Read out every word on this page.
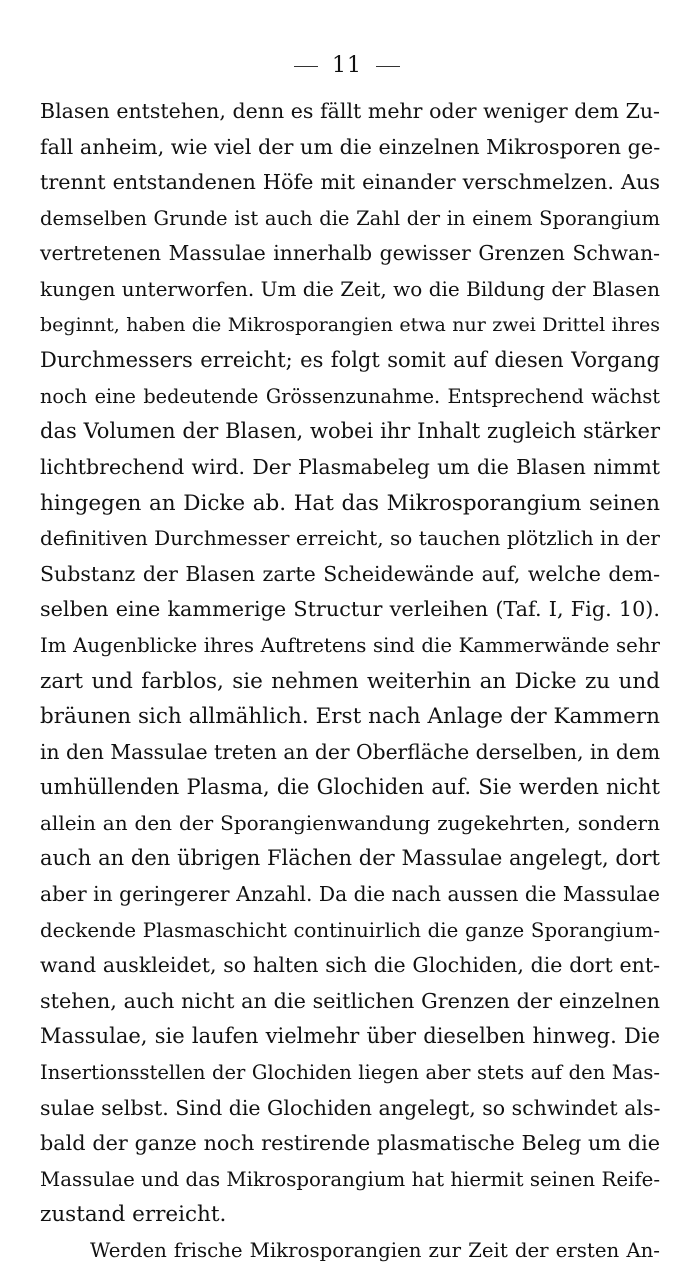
11
Blasen entstehen, denn es fällt mehr oder weniger dem Zu-
fall anheim, wie viel der um die einzelnen Mikrosporen ge-
trennt entstandenen Höfe mit einander verschmelzen. Aus
demselben Grunde ist auch die Zahl der in einem Sporangium
vertretenen Massulae innerhalb gewisser Grenzen Schwan-
kungen unterworfen. Um die Zeit, wo die Bildung der Blasen
beginnt, haben die Mikrosporangien etwa nur zwei Drittel ihres
Durchmessers erreicht; es folgt somit auf diesen Vorgang
noch eine bedeutende Grössenzunahme. Entsprechend wächst
das Volumen der Blasen, wobei ihr Inhalt zugleich stärker
lichtbrechend wird. Der Plasmabeleg um die Blasen nimmt
hingegen an Dicke ab. Hat das Mikrosporangium seinen
definitiven Durchmesser erreicht, so tauchen plötzlich in der
Substanz der Blasen zarte Scheidewände auf, welche dem-
selben eine kammerige Structur verleihen (Taf. I, Fig. 10).
Im Augenblicke ihres Auftretens sind die Kammerwände sehr
zart und farblos, sie nehmen weiterhin an Dicke zu und
bräunen sich allmählich. Erst nach Anlage der Kammern
in den Massulae treten an der Oberfläche derselben, in dem
umhüllenden Plasma, die Glochiden auf. Sie werden nicht
allein an den der Sporangienwandung zugekehrten, sondern
auch an den übrigen Flächen der Massulae angelegt, dort
aber in geringerer Anzahl. Da die nach aussen die Massulae
deckende Plasmaschicht continuirlich die ganze Sporangium-
wand auskleidet, so halten sich die Glochiden, die dort ent-
stehen, auch nicht an die seitlichen Grenzen der einzelnen
Massulae, sie laufen vielmehr über dieselben hinweg. Die
Insertionsstellen der Glochiden liegen aber stets auf den Mas-
sulae selbst. Sind die Glochiden angelegt, so schwindet als-
bald der ganze noch restirende plasmatische Beleg um die
Massulae und das Mikrosporangium hat hiermit seinen Reife-
zustand erreicht.
Werden frische Mikrosporangien zur Zeit der ersten An-
